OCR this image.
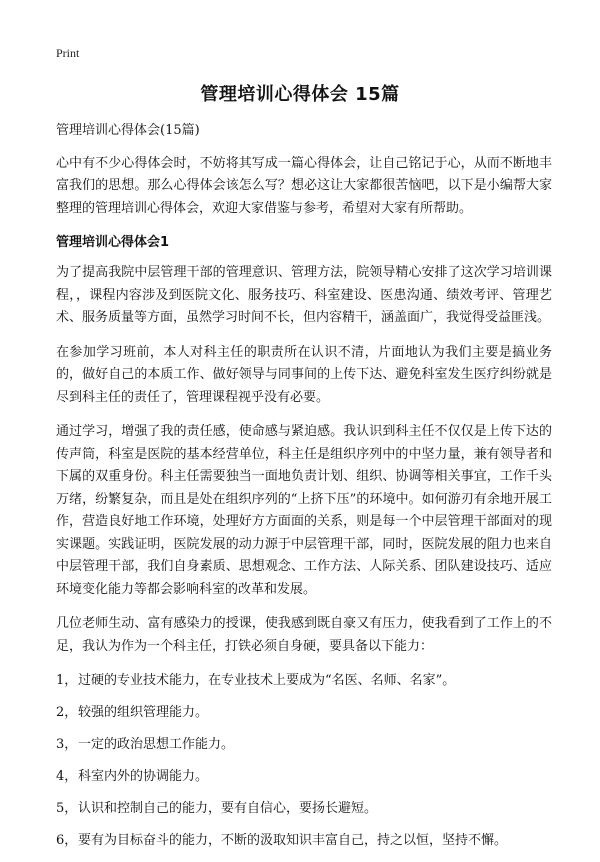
Print
管理培训心得体会 15篇

管理培训心得体会(15篇)

心中有不少心得体会时，不妨将其写成一篇心得体会，让自己铭记于心，从而不断地丰富我们的思想。那么心得体会该怎么写？想必这让大家都很苦恼吧，以下是小编帮大家整理的管理培训心得体会，欢迎大家借鉴与参考，希望对大家有所帮助。

管理培训心得体会1

为了提高我院中层管理干部的管理意识、管理方法，院领导精心安排了这次学习培训课程，，课程内容涉及到医院文化、服务技巧、科室建设、医患沟通、绩效考评、管理艺术、服务质量等方面，虽然学习时间不长，但内容精干，涵盖面广，我觉得受益匪浅。

在参加学习班前，本人对科主任的职责所在认识不清，片面地认为我们主要是搞业务的，做好自己的本质工作、做好领导与同事间的上传下达、避免科室发生医疗纠纷就是尽到科主任的责任了，管理课程视乎没有必要。

通过学习，增强了我的责任感，使命感与紧迫感。我认识到科主任不仅仅是上传下达的传声筒，科室是医院的基本经营单位，科主任是组织序列中的中坚力量，兼有领导者和下属的双重身份。科主任需要独当一面地负责计划、组织、协调等相关事宜，工作千头万绪，纷繁复杂，而且是处在组织序列的“上挤下压”的环境中。如何游刃有余地开展工作，营造良好地工作环境，处理好方方面面的关系，则是每一个中层管理干部面对的现实课题。实践证明，医院发展的动力源于中层管理干部，同时，医院发展的阻力也来自中层管理干部，我们自身素质、思想观念、工作方法、人际关系、团队建设技巧、适应环境变化能力等都会影响科室的改革和发展。

几位老师生动、富有感染力的授课，使我感到既自豪又有压力，使我看到了工作上的不足，我认为作为一个科主任，打铁必须自身硬，要具备以下能力：

1， 过硬的专业技术能力，在专业技术上要成为“名医、名师、名家”。
2， 较强的组织管理能力。
3， 一定的政治思想工作能力。
4， 科室内外的协调能力。
5， 认识和控制自己的能力，要有自信心，要扬长避短。
6， 要有为目标奋斗的能力，不断的汲取知识丰富自己，持之以恒，坚持不懈。
